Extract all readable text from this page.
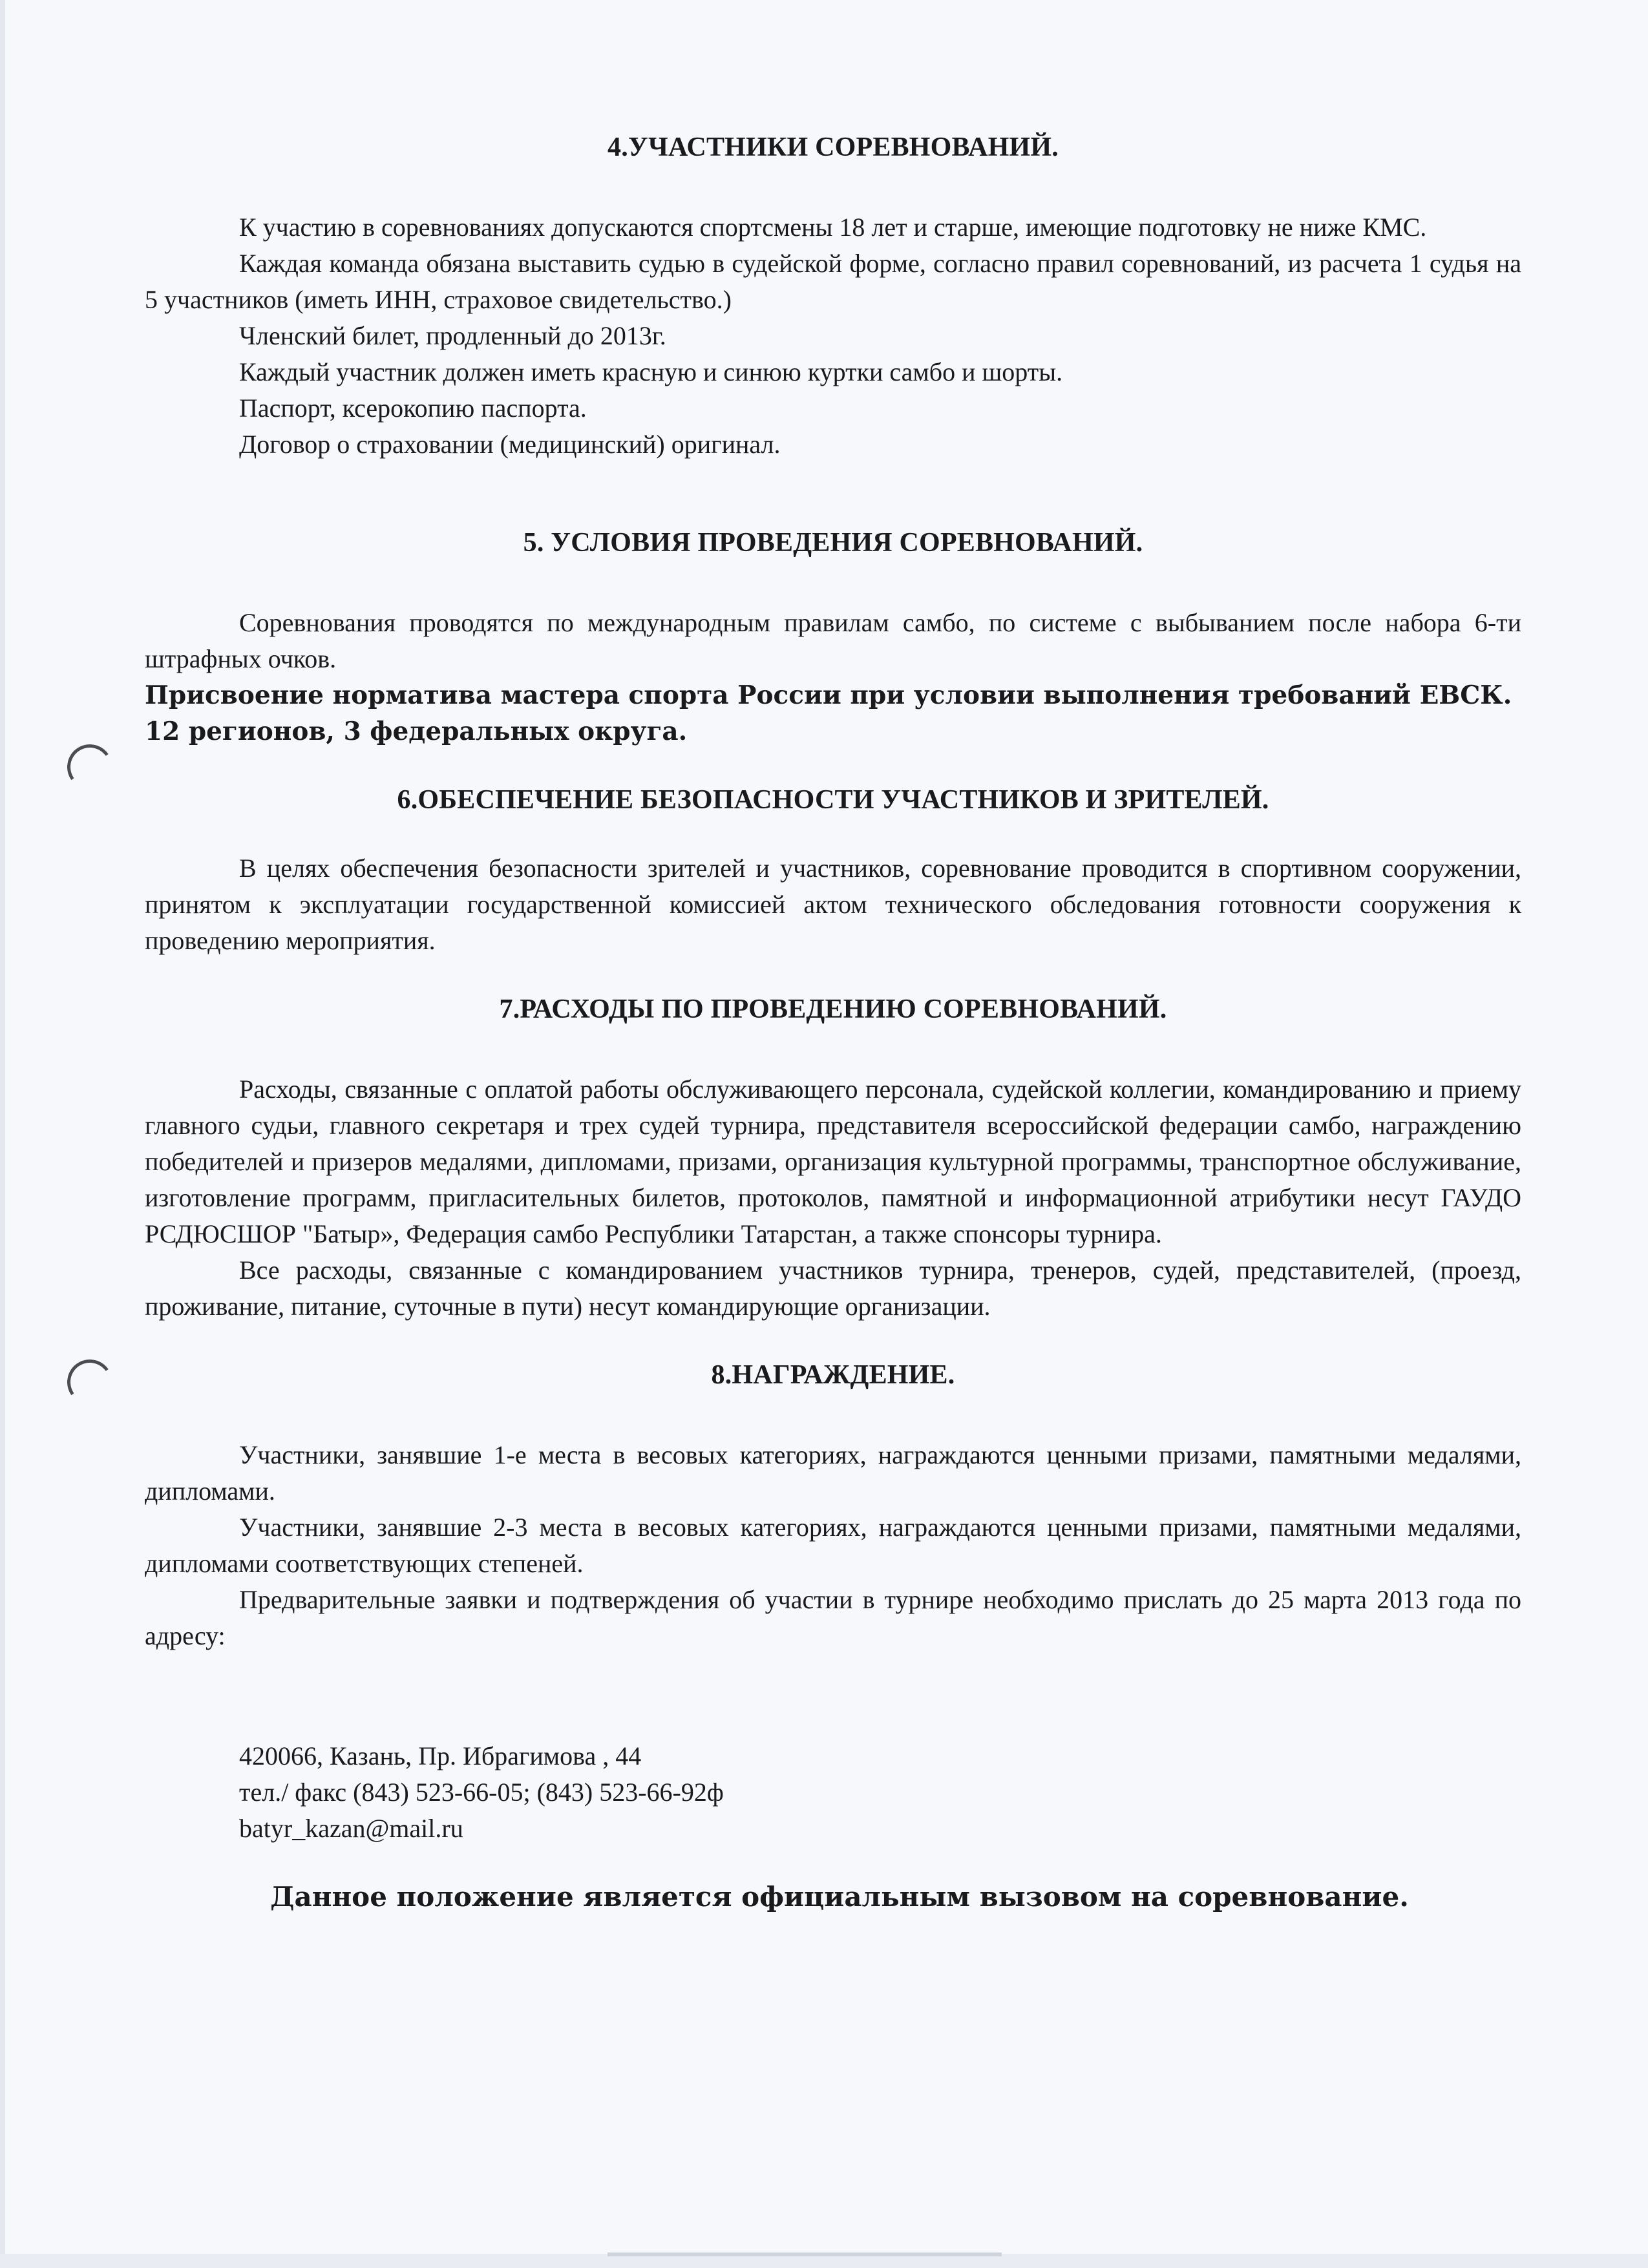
4.УЧАСТНИКИ СОРЕВНОВАНИЙ.

К участию в соревнованиях допускаются спортсмены 18 лет и старше, имеющие подготовку не ниже КМС.

Каждая команда обязана выставить судью в судейской форме, согласно правил соревнований, из расчета 1 судья на 5 участников (иметь ИНН, страховое свидетельство.)

Членский билет, продленный до 2013г.

Каждый участник должен иметь красную и синюю куртки самбо и шорты.

Паспорт, ксерокопию паспорта.

Договор о страховании (медицинский) оригинал.

5. УСЛОВИЯ ПРОВЕДЕНИЯ СОРЕВНОВАНИЙ.

Соревнования проводятся по международным правилам самбо, по системе с выбыванием после набора 6-ти штрафных очков.

Присвоение норматива мастера спорта России при условии выполнения требований ЕВСК.

12 регионов, 3 федеральных округа.

6.ОБЕСПЕЧЕНИЕ БЕЗОПАСНОСТИ УЧАСТНИКОВ И ЗРИТЕЛЕЙ.

В целях обеспечения безопасности зрителей и участников, соревнование проводится в спортивном сооружении, принятом к эксплуатации государственной комиссией актом технического обследования готовности сооружения к проведению мероприятия.

7.РАСХОДЫ ПО ПРОВЕДЕНИЮ СОРЕВНОВАНИЙ.

Расходы, связанные с оплатой работы обслуживающего персонала, судейской коллегии, командированию и приему главного судьи, главного секретаря и трех судей турнира, представителя всероссийской федерации самбо, награждению победителей и призеров медалями, дипломами, призами, организация культурной программы, транспортное обслуживание, изготовление программ, пригласительных билетов, протоколов, памятной и информационной атрибутики несут ГАУДО РСДЮСШОР "Батыр», Федерация самбо Республики Татарстан, а также спонсоры турнира.

Все расходы, связанные с командированием участников турнира, тренеров, судей, представителей, (проезд, проживание, питание, суточные в пути) несут командирующие организации.

8.НАГРАЖДЕНИЕ.

Участники, занявшие 1-е места в весовых категориях, награждаются ценными призами, памятными медалями, дипломами.

Участники, занявшие 2-3 места в весовых категориях, награждаются ценными призами, памятными медалями, дипломами соответствующих степеней.

Предварительные заявки и подтверждения об участии в турнире необходимо прислать до 25 марта 2013 года по адресу:

420066, Казань, Пр. Ибрагимова , 44
тел./ факс (843) 523-66-05; (843) 523-66-92ф
batyr_kazan@mail.ru

Данное положение является официальным вызовом на соревнование.
